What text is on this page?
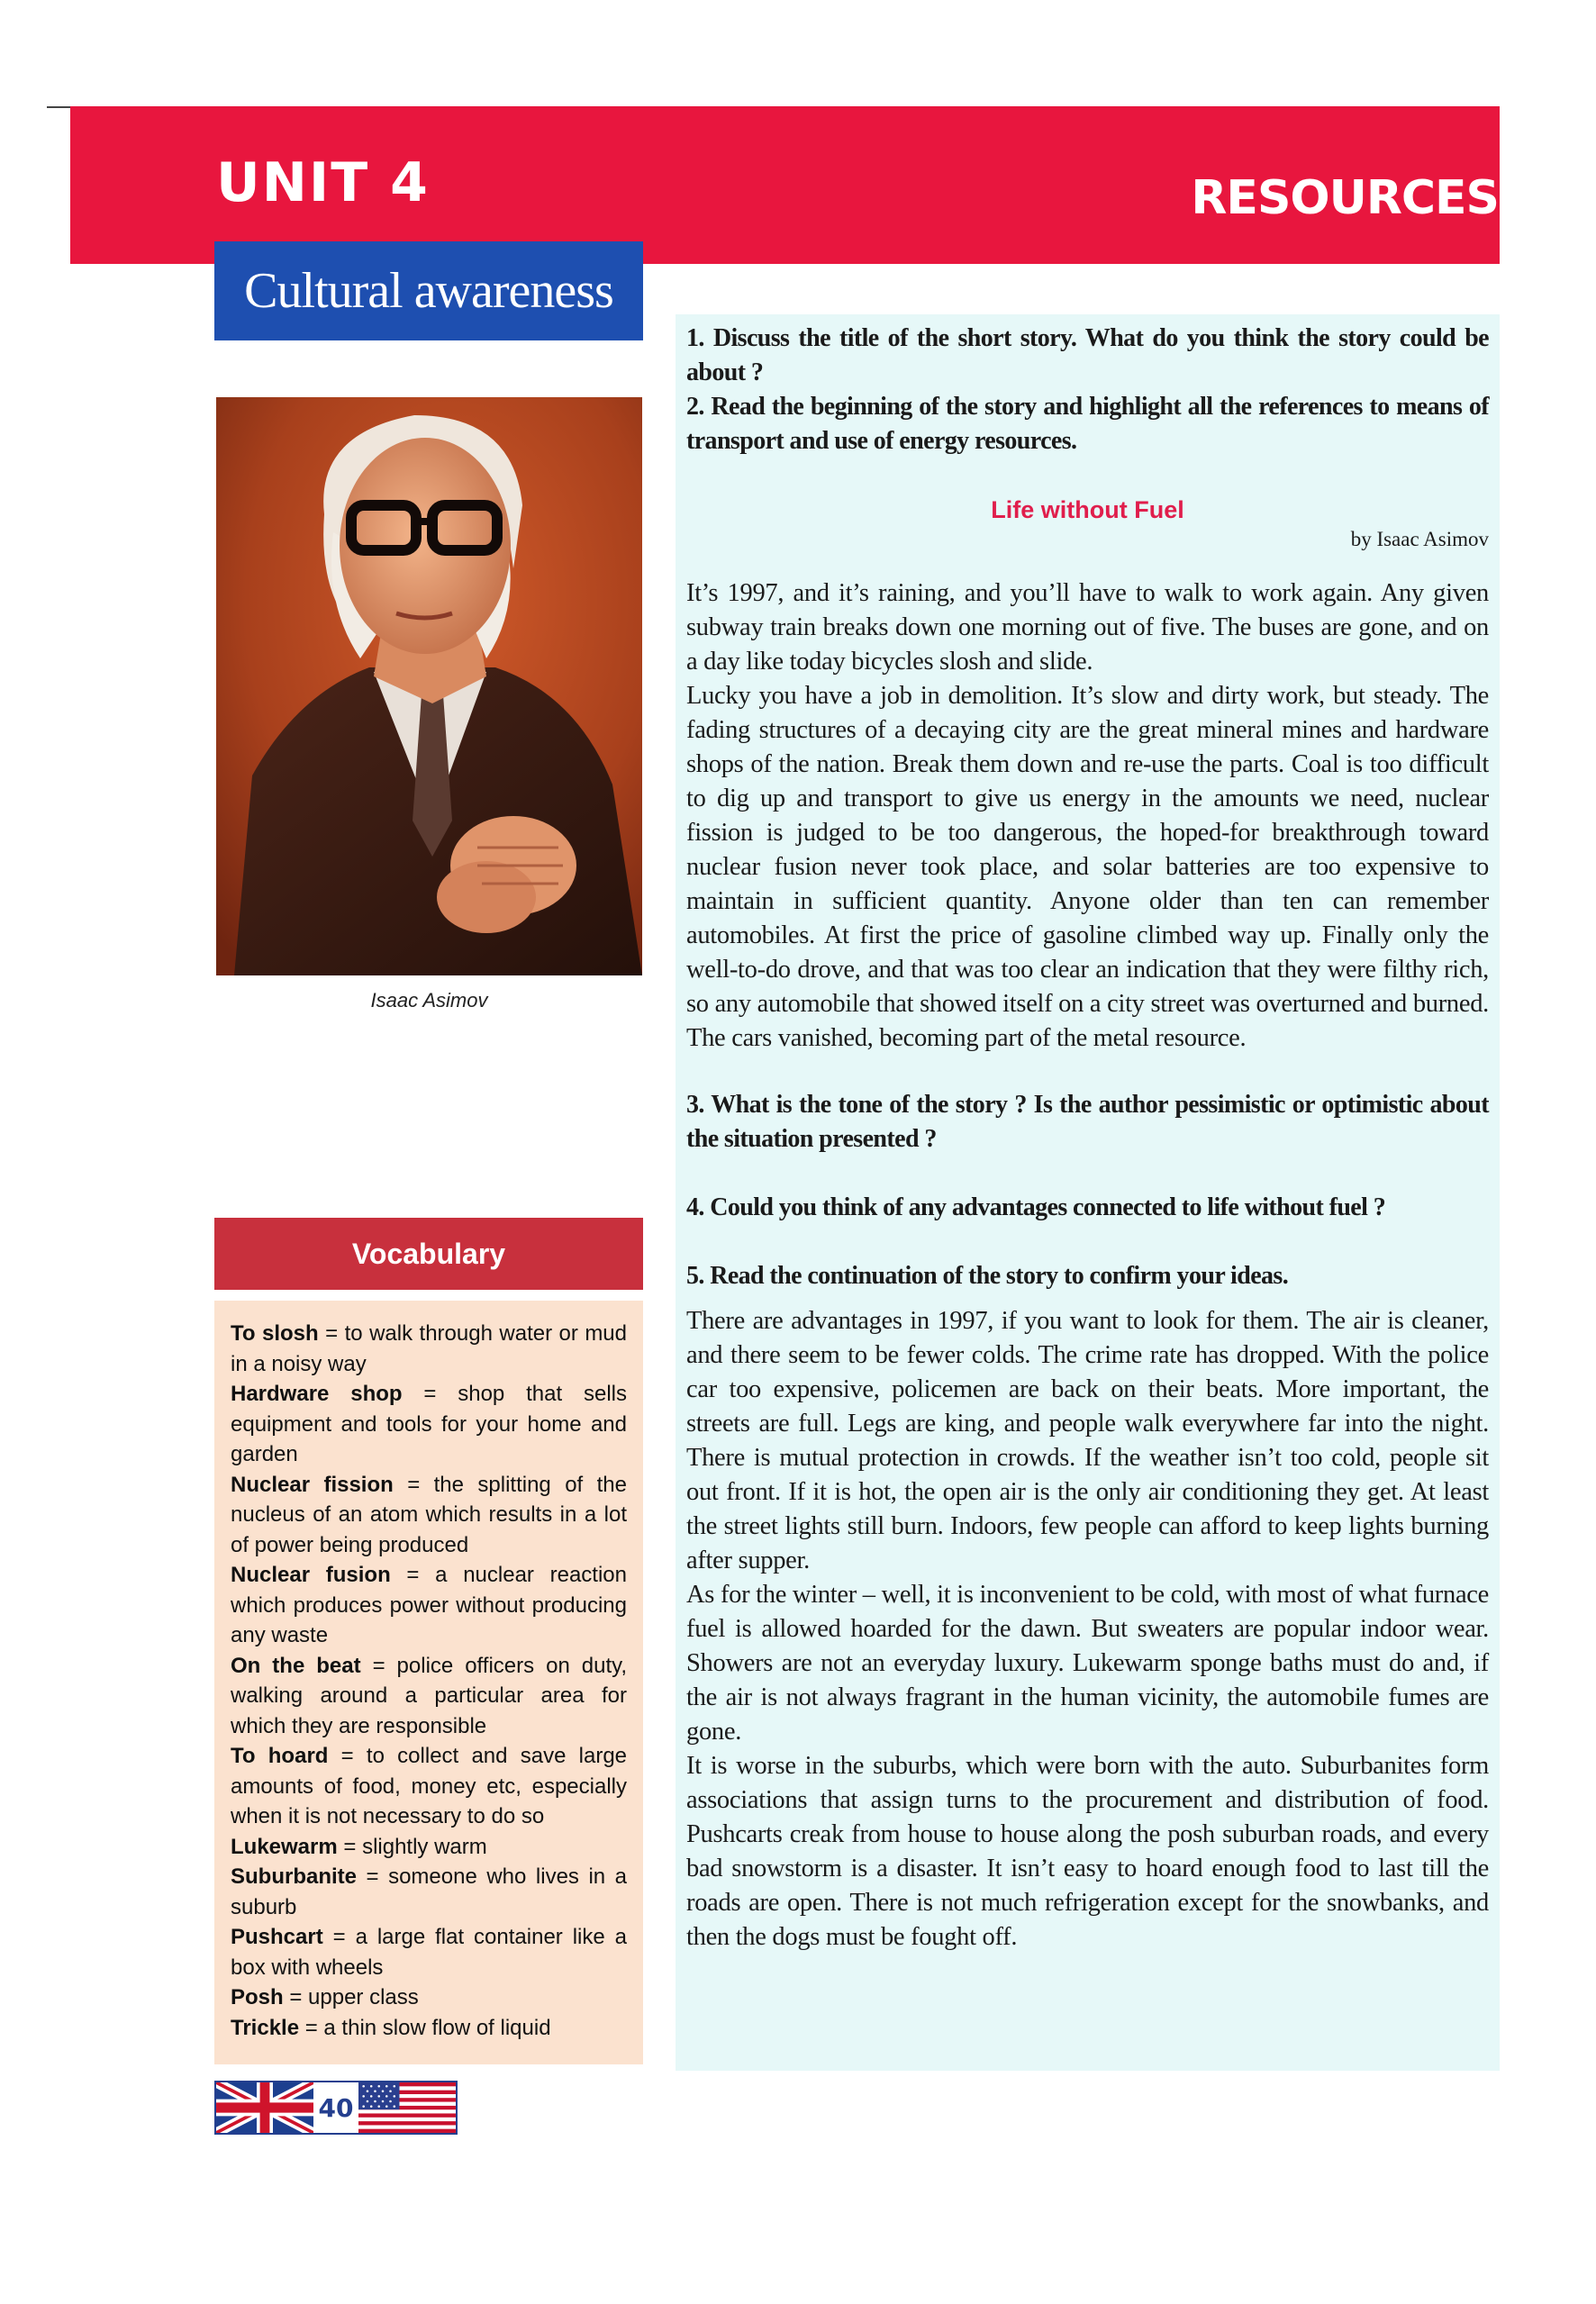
UNIT 4	RESOURCES
Cultural awareness
Isaac Asimov
Vocabulary

To slosh = to walk through water or mud in a noisy way

Hardware shop = shop that sells equipment and tools for your home and garden

Nuclear fission = the splitting of the nucleus of an atom which results in a lot of power being produced

Nuclear fusion = a nuclear reaction which produces power without producing any waste

On the beat = police officers on duty, walking around a particular area for which they are responsible

To hoard = to collect and save large amounts of food, money etc, especially when it is not necessary to do so

Lukewarm = slightly warm

Suburbanite = someone who lives in a suburb

Pushcart = a large flat container like a box with wheels

Posh = upper class

Trickle = a thin slow flow of liquid

1. Discuss the title of the short story. What do you think the story could be about ?

2. Read the beginning of the story and highlight all the references to means of transport and use of energy resources.

Life without Fuel

by Isaac Asimov

It’s 1997, and it’s raining, and you’ll have to walk to work again. Any given subway train breaks down one morning out of five. The buses are gone, and on a day like today bicycles slosh and slide.

Lucky you have a job in demolition. It’s slow and dirty work, but steady. The fading structures of a decaying city are the great mineral mines and hardware shops of the nation. Break them down and re-use the parts. Coal is too difficult to dig up and transport to give us energy in the amounts we need, nuclear fission is judged to be too dangerous, the hoped-for breakthrough toward nuclear fusion never took place, and solar batteries are too expensive to maintain in sufficient quantity. Anyone older than ten can remember automobiles. At first the price of gasoline climbed way up. Finally only the well-to-do drove, and that was too clear an indication that they were filthy rich, so any automobile that showed itself on a city street was overturned and burned. The cars vanished, becoming part of the metal resource.

3. What is the tone of the story ? Is the author pessimistic or optimistic about the situation presented ?

4. Could you think of any advantages connected to life without fuel ?

5. Read the continuation of the story to confirm your ideas.

There are advantages in 1997, if you want to look for them. The air is cleaner, and there seem to be fewer colds. The crime rate has dropped. With the police car too expensive, policemen are back on their beats. More important, the streets are full. Legs are king, and people walk everywhere far into the night. There is mutual protection in crowds. If the weather isn’t too cold, people sit out front. If it is hot, the open air is the only air conditioning they get. At least the street lights still burn. Indoors, few people can afford to keep lights burning after supper.

As for the winter – well, it is inconvenient to be cold, with most of what furnace fuel is allowed hoarded for the dawn. But sweaters are popular indoor wear. Showers are not an everyday luxury. Lukewarm sponge baths must do and, if the air is not always fragrant in the human vicinity, the automobile fumes are gone.

It is worse in the suburbs, which were born with the auto. Suburbanites form associations that assign turns to the procurement and distribution of food. Pushcarts creak from house to house along the posh suburban roads, and every bad snowstorm is a disaster. It isn’t easy to hoard enough food to last till the roads are open. There is not much refrigeration except for the snowbanks, and then the dogs must be fought off.

40
